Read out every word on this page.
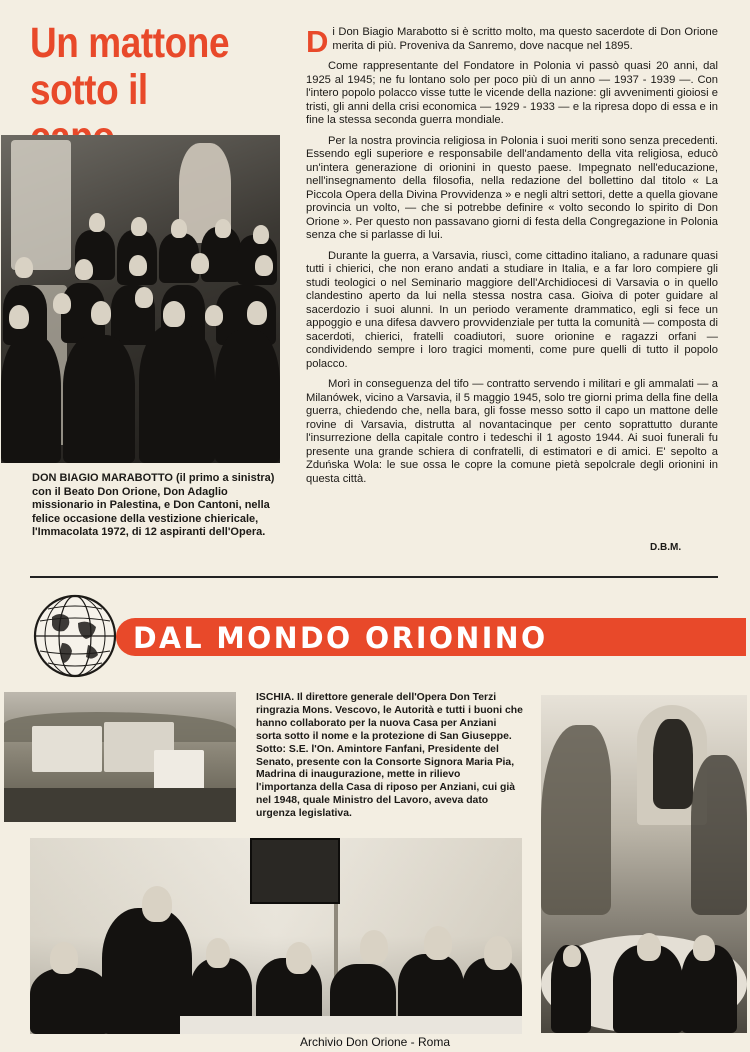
Un mattone sotto il
DON BIAGIO MARABOTTO (il primo a sinistra) con il Beato Don Orione, Don Adaglio missionario in Palestina, e Don Cantoni, nella felice occasione della vestizione chiericale, l'Immacolata 1972, di 12 aspiranti dell'Opera.

Di Don Biagio Marabotto si è scritto molto, ma questo sacerdote di Don Orione merita di più. Proveniva da Sanremo, dove nacque nel 1895.

Come rappresentante del Fondatore in Polonia vi passò quasi 20 anni, dal 1925 al 1945; ne fu lontano solo per poco più di un anno — 1937 - 1939 —. Con l'intero popolo polacco visse tutte le vicende della nazione: gli avvenimenti gioiosi e tristi, gli anni della crisi economica — 1929 - 1933 — e la ripresa dopo di essa e in fine la stessa seconda guerra mondiale.

Per la nostra provincia religiosa in Polonia i suoi meriti sono senza precedenti. Essendo egli superiore e responsabile dell'andamento della vita religiosa, educò un'intera generazione di orionini in questo paese. Impegnato nell'educazione, nell'insegnamento della filosofia, nella redazione del bollettino dal titolo « La Piccola Opera della Divina Provvidenza » e negli altri settori, dette a quella giovane provincia un volto, — che si potrebbe definire « volto secondo lo spirito di Don Orione ». Per questo non passavano giorni di festa della Congregazione in Polonia senza che si parlasse di lui.

Durante la guerra, a Varsavia, riuscì, come cittadino italiano, a radunare quasi tutti i chierici, che non erano andati a studiare in Italia, e a far loro compiere gli studi teologici o nel Seminario maggiore dell'Archidiocesi di Varsavia o in quello clandestino aperto da lui nella stessa nostra casa. Gioiva di poter guidare al sacerdozio i suoi alunni. In un periodo veramente drammatico, egli si fece un appoggio e una difesa davvero provvidenziale per tutta la comunità — composta di sacerdoti, chierici, fratelli coadiutori, suore orionine e ragazzi orfani — condividendo sempre i loro tragici momenti, come pure quelli di tutto il popolo polacco.

Morì in conseguenza del tifo — contratto servendo i militari e gli ammalati — a Milanówek, vicino a Varsavia, il 5 maggio 1945, solo tre giorni prima della fine della guerra, chiedendo che, nella bara, gli fosse messo sotto il capo un mattone delle rovine di Varsavia, distrutta al novantacinque per cento soprattutto durante l'insurrezione della capitale contro i tedeschi il 1 agosto 1944. Ai suoi funerali fu presente una grande schiera di confratelli, di estimatori e di amici. E' sepolto a Zduńska Wola: le sue ossa le copre la comune pietà sepolcrale degli orionini in questa città.

D.B.M.
DAL MONDO ORIONINO
ISCHIA. Il direttore generale dell'Opera Don Terzi ringrazia Mons. Vescovo, le Autorità e tutti i buoni che hanno collaborato per la nuova Casa per Anziani sorta sotto il nome e la protezione di San Giuseppe. Sotto: S.E. l'On. Amintore Fanfani, Presidente del Senato, presente con la Consorte Signora Maria Pia, Madrina di inaugurazione, mette in rilievo l'importanza della Casa di riposo per Anziani, cui già nel 1948, quale Ministro del Lavoro, aveva dato urgenza legislativa.
Archivio Don Orione - Roma
